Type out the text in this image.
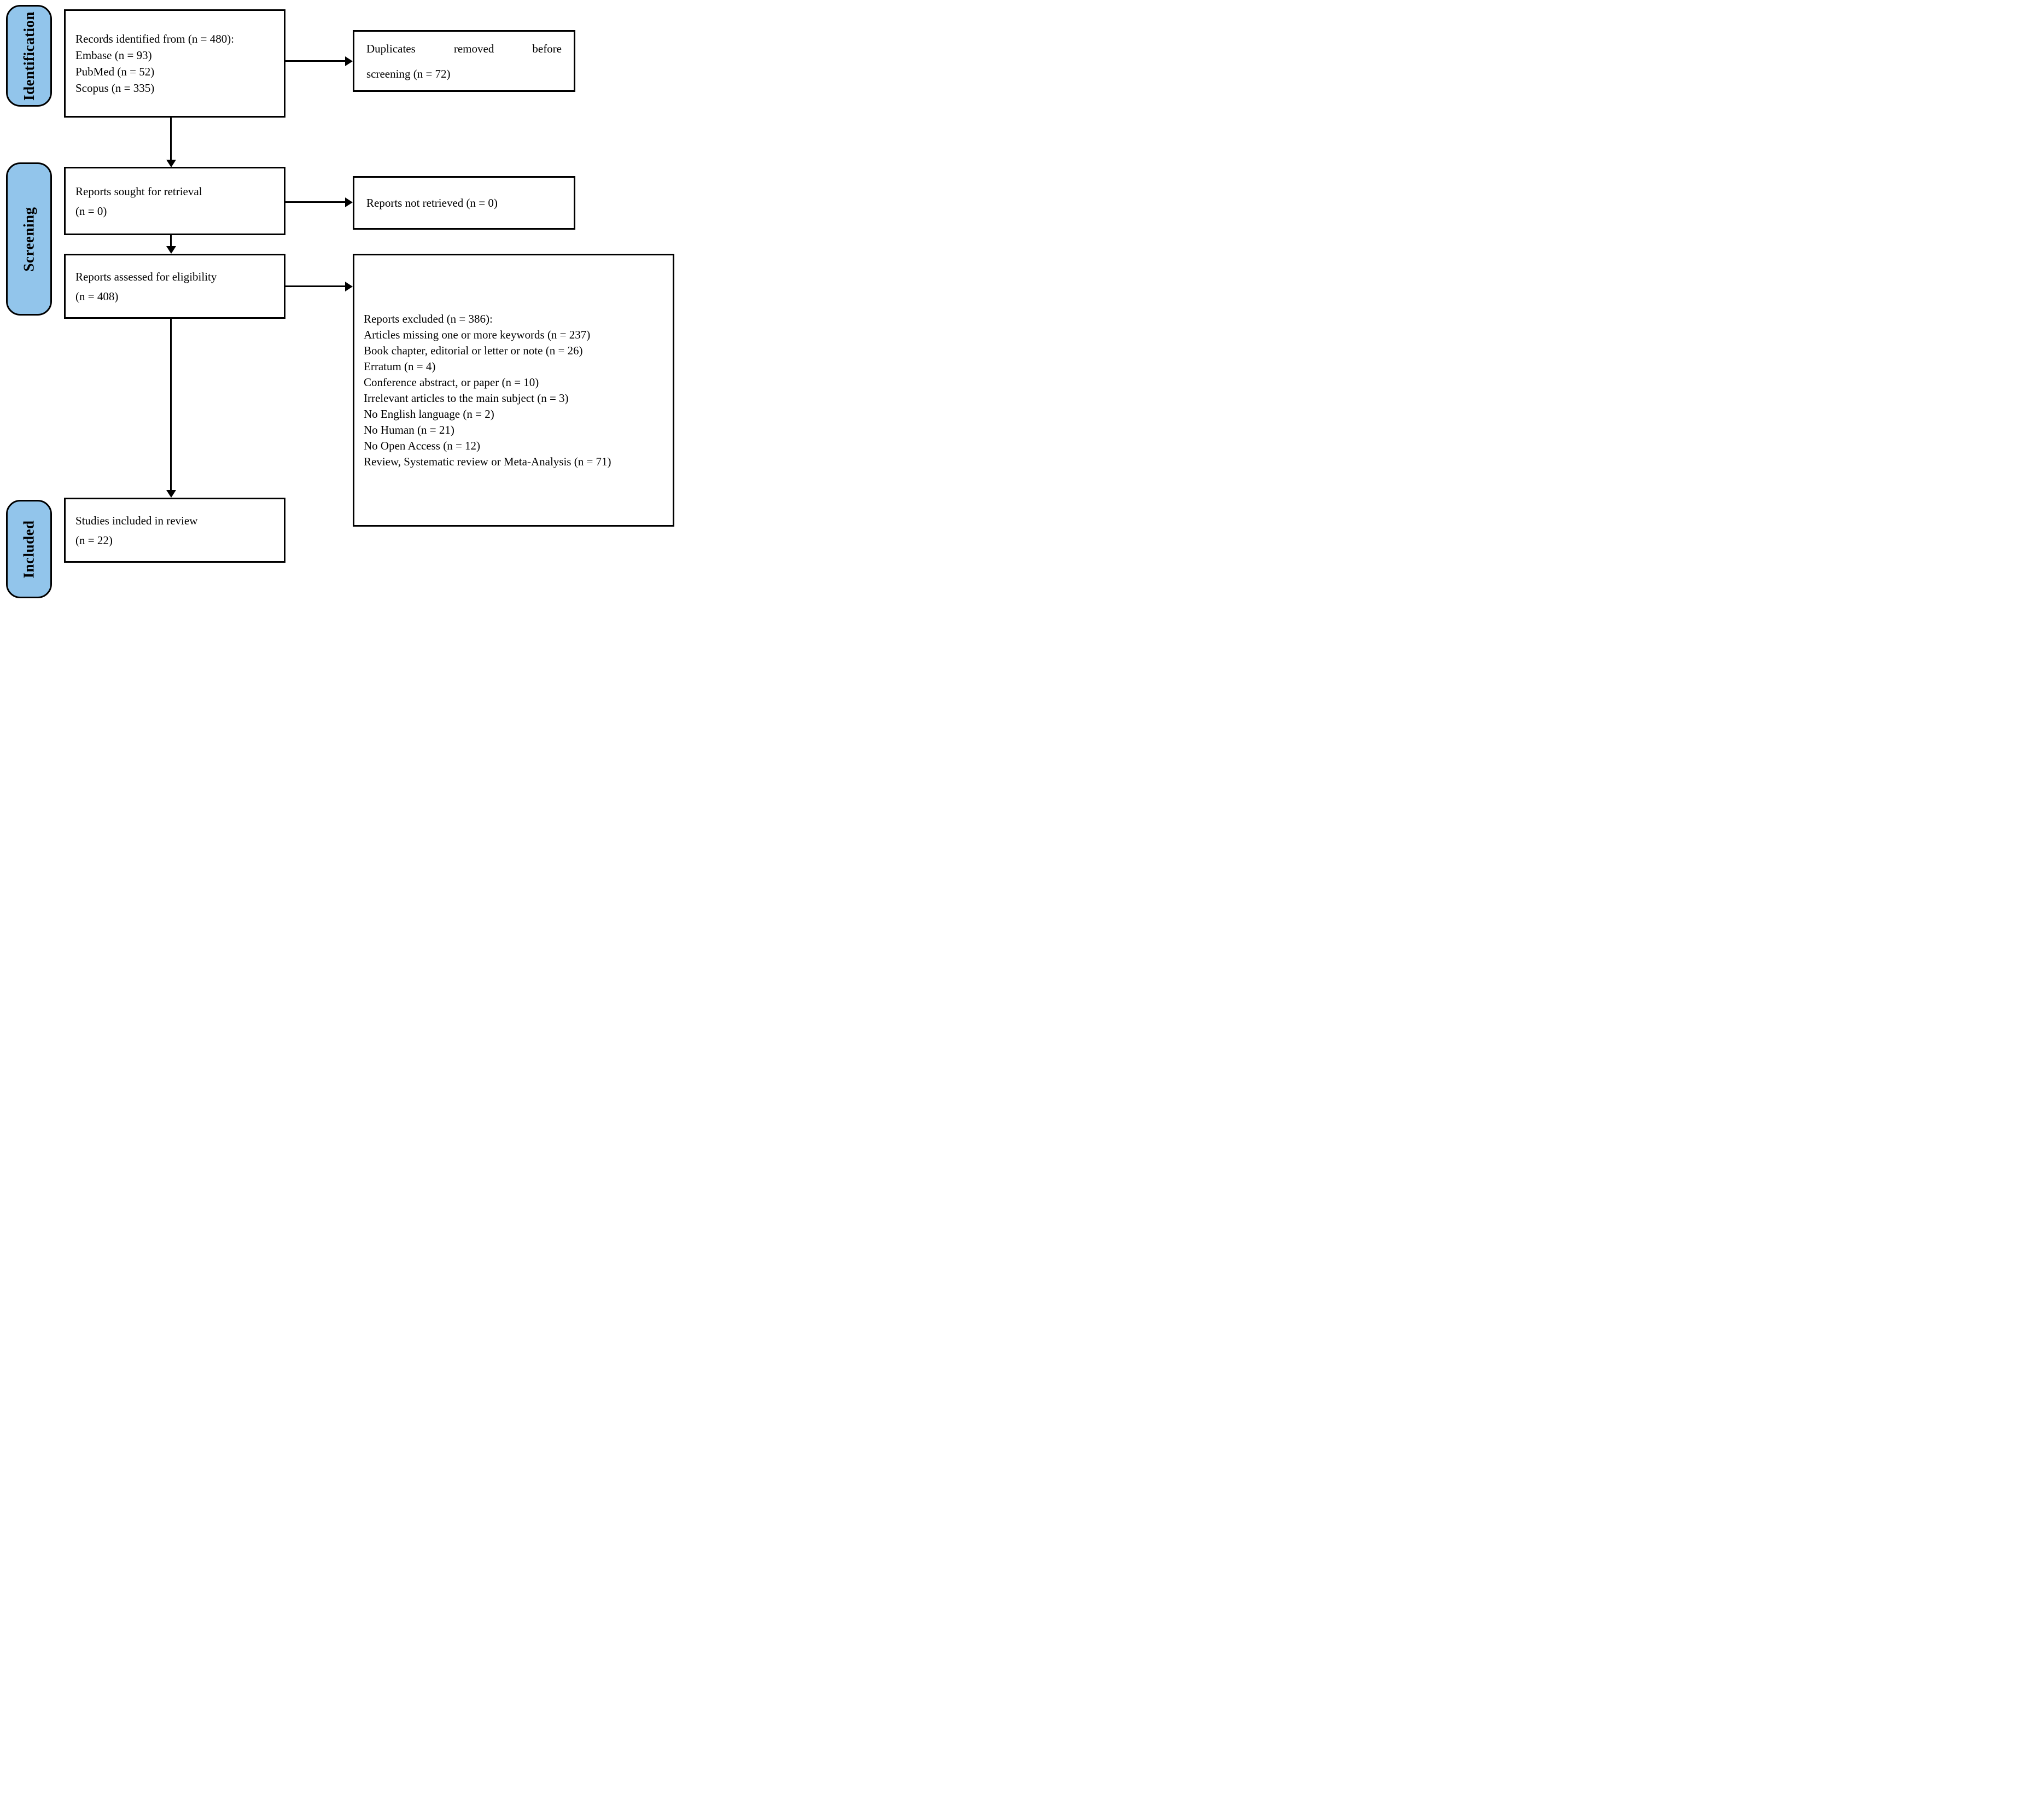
Identification
Screening
Included
Records identified from (n = 480):
Embase (n = 93)
PubMed (n = 52)
Scopus (n = 335)
Duplicates removed before
screening (n = 72)
Reports sought for retrieval
(n = 0)
Reports not retrieved (n = 0)
Reports assessed for eligibility
(n = 408)
Reports excluded (n = 386):
Articles missing one or more keywords (n = 237)
Book chapter, editorial or letter or note (n = 26)
Erratum (n = 4)
Conference abstract, or paper (n = 10)
Irrelevant articles to the main subject (n = 3)
No English language (n = 2)
No Human (n = 21)
No Open Access (n = 12)
Review, Systematic review or Meta-Analysis (n = 71)
Studies included in review
(n = 22)
